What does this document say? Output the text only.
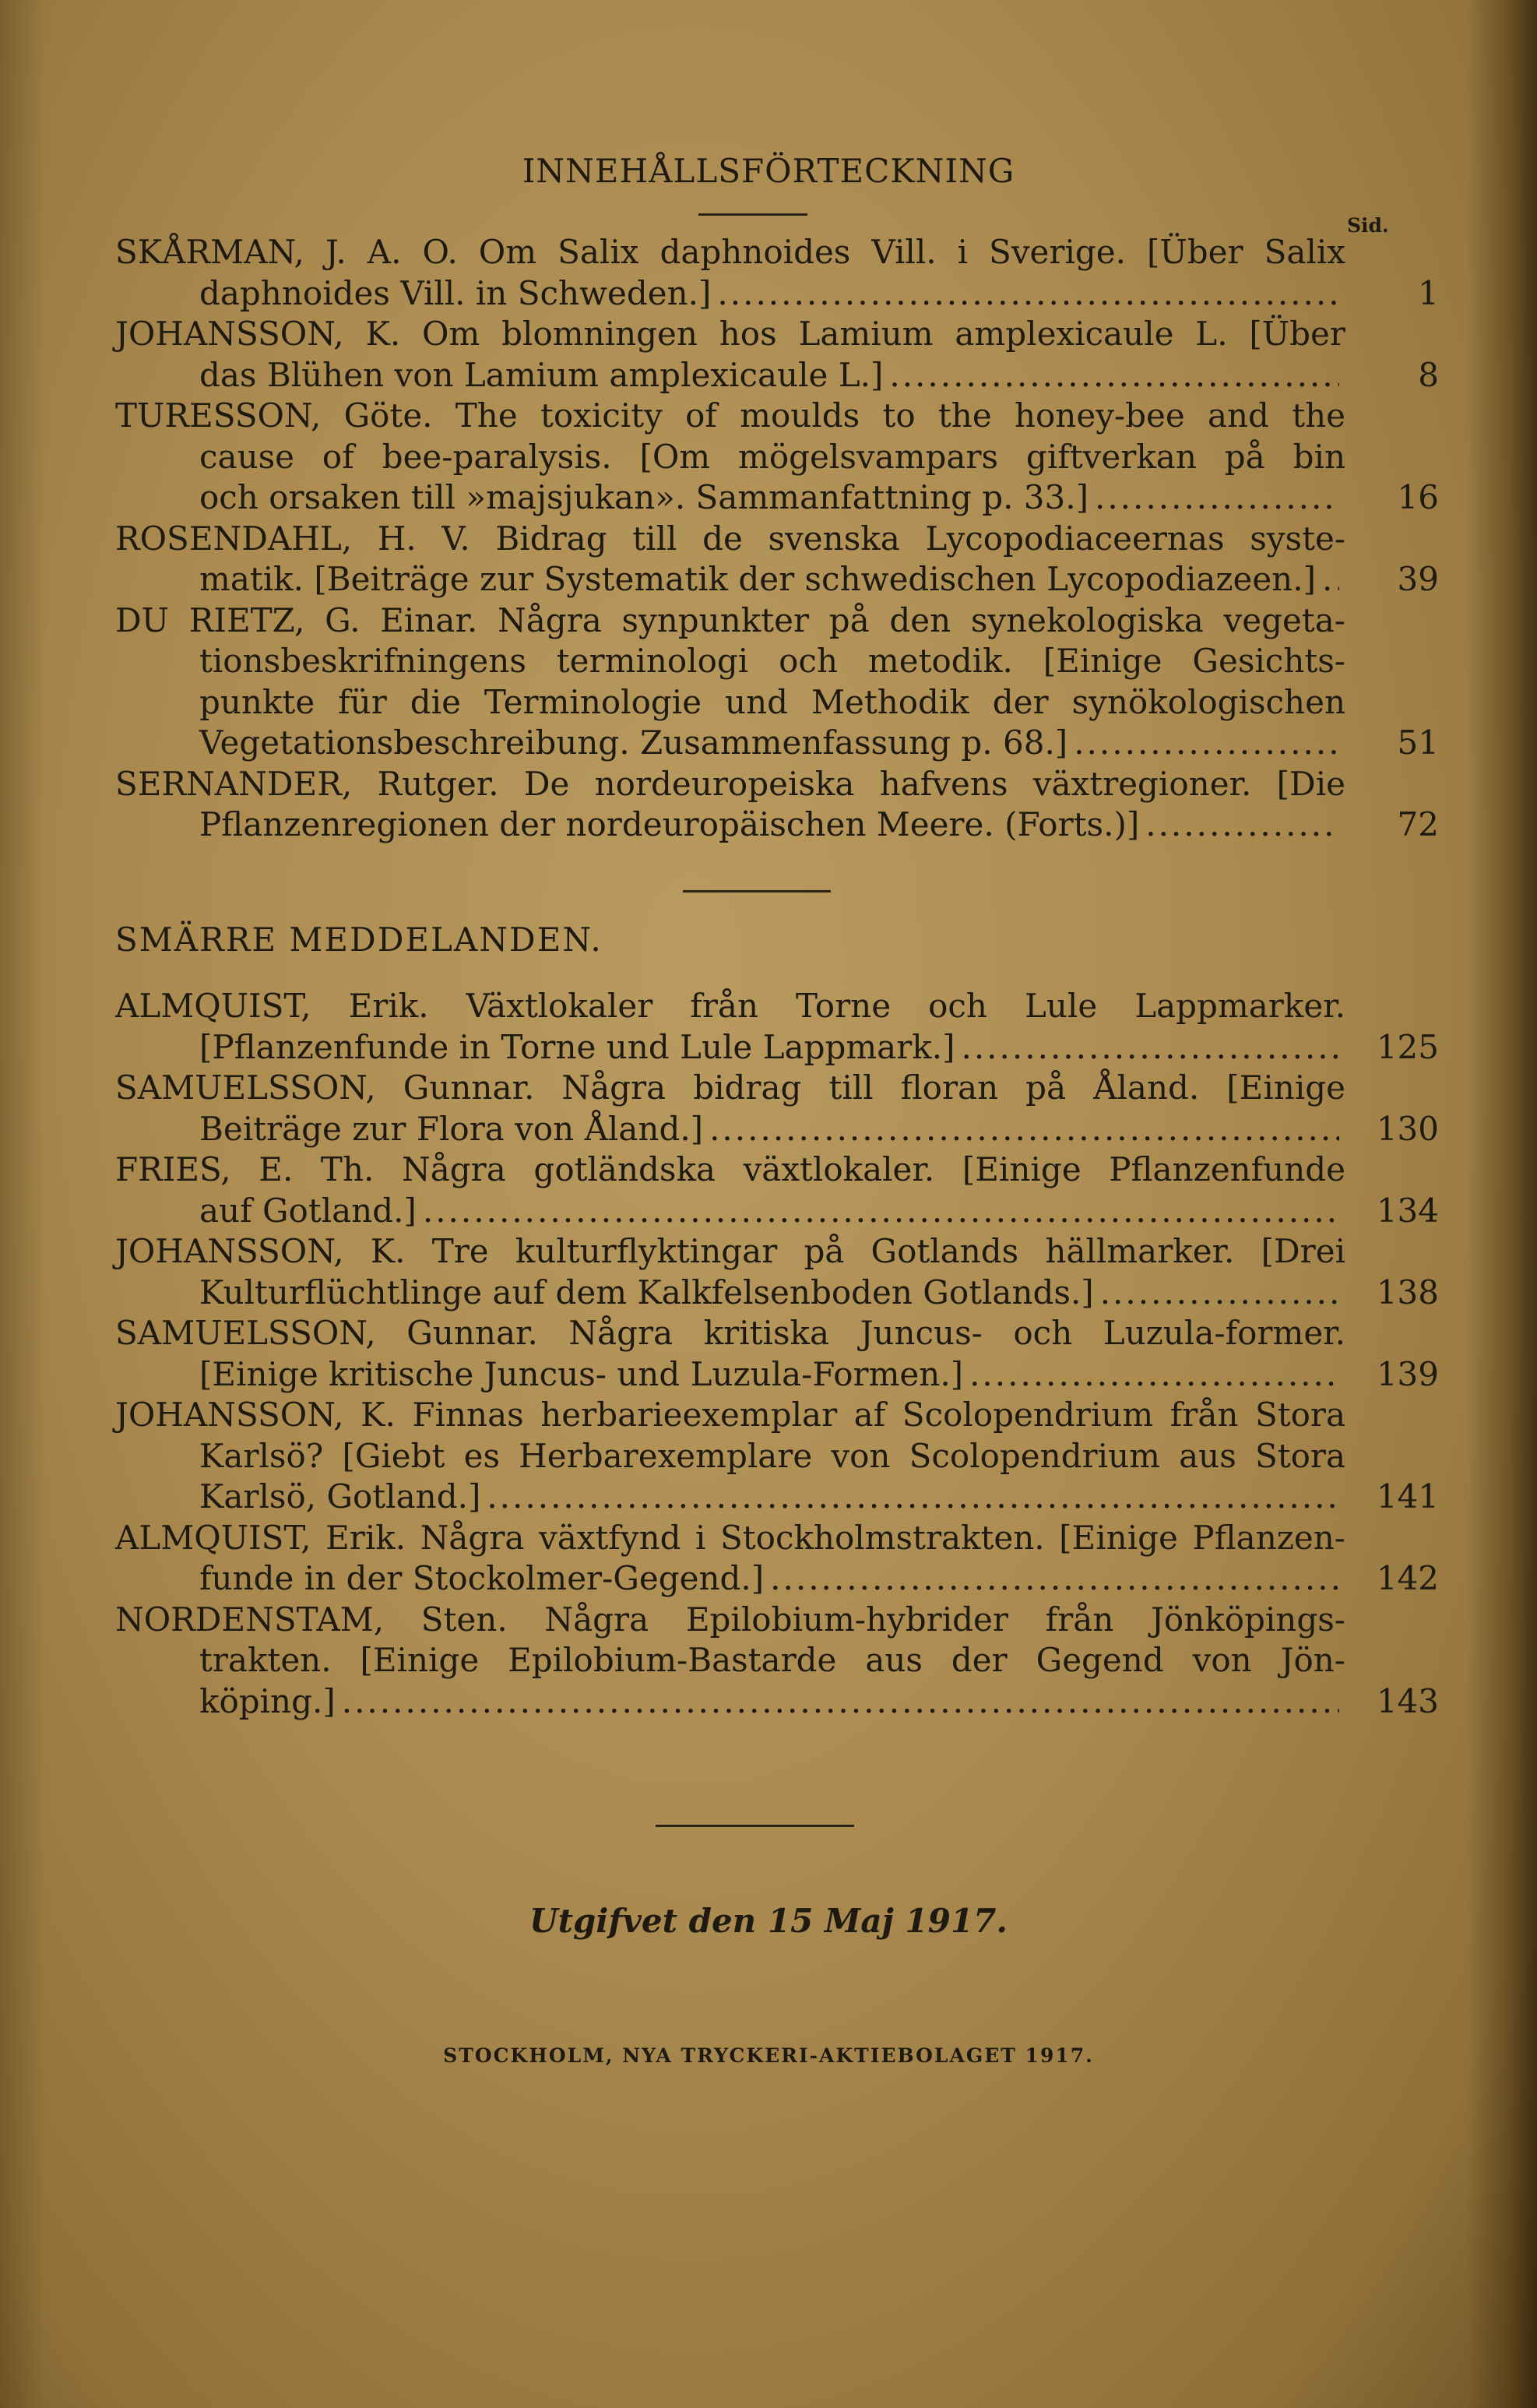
INNEHÅLLSFÖRTECKNING
Sid.
SKÅRMAN, J. A. O. Om Salix daphnoides Vill. i Sverige. [Über Salix
daphnoides Vill. in Schweden.] .....	1
JOHANSSON, K. Om blomningen hos Lamium amplexicaule L. [Über
das Blühen von Lamium amplexicaule L.] .....	8
TURESSON, Göte. The toxicity of moulds to the honey-bee and the
cause of bee-paralysis. [Om mögelsvampars giftverkan på bin
och orsaken till »majsjukan». Sammanfattning p. 33.] .....	16
ROSENDAHL, H. V. Bidrag till de svenska Lycopodiaceernas syste-
matik. [Beiträge zur Systematik der schwedischen Lycopodiazeen.] .....	39
DU RIETZ, G. Einar. Några synpunkter på den synekologiska vegeta-
tionsbeskrifningens terminologi och metodik. [Einige Gesichts-
punkte für die Terminologie und Methodik der synökologischen
Vegetationsbeschreibung. Zusammenfassung p. 68.] .....	51
SERNANDER, Rutger. De nordeuropeiska hafvens växtregioner. [Die
Pflanzenregionen der nordeuropäischen Meere. (Forts.)] .....	72
SMÄRRE MEDDELANDEN.
ALMQUIST, Erik. Växtlokaler från Torne och Lule Lappmarker.
[Pflanzenfunde in Torne und Lule Lappmark.] .....	125
SAMUELSSON, Gunnar. Några bidrag till floran på Åland. [Einige
Beiträge zur Flora von Åland.] .....	130
FRIES, E. Th. Några gotländska växtlokaler. [Einige Pflanzenfunde
auf Gotland.] .....	134
JOHANSSON, K. Tre kulturflyktingar på Gotlands hällmarker. [Drei
Kulturflüchtlinge auf dem Kalkfelsenboden Gotlands.] .....	138
SAMUELSSON, Gunnar. Några kritiska Juncus- och Luzula-former.
[Einige kritische Juncus- und Luzula-Formen.] .....	139
JOHANSSON, K. Finnas herbarieexemplar af Scolopendrium från Stora
Karlsö? [Giebt es Herbarexemplare von Scolopendrium aus Stora
Karlsö, Gotland.] .....	141
ALMQUIST, Erik. Några växtfynd i Stockholmstrakten. [Einige Pflanzen-
funde in der Stockolmer-Gegend.] .....	142
NORDENSTAM, Sten. Några Epilobium-hybrider från Jönköpings-
trakten. [Einige Epilobium-Bastarde aus der Gegend von Jön-
köping.] .....	143
Utgifvet den 15 Maj 1917.
STOCKHOLM, NYA TRYCKERI-AKTIEBOLAGET 1917.
